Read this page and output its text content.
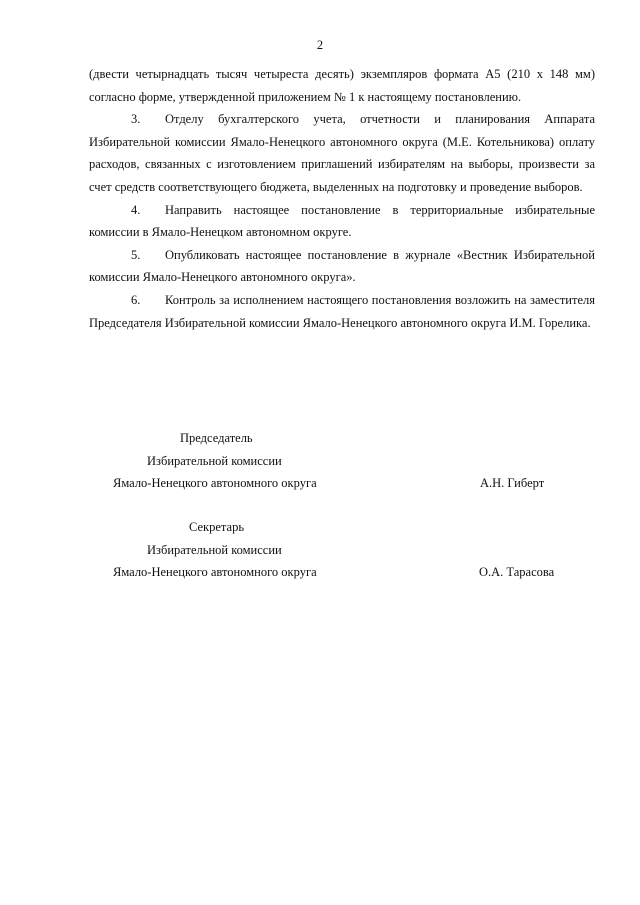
2

(двести четырнадцать тысяч четыреста десять) экземпляров формата А5 (210 х 148 мм) согласно форме, утвержденной приложением № 1 к настоящему постановлению.

3. Отделу бухгалтерского учета, отчетности и планирования Аппарата Избирательной комиссии Ямало-Ненецкого автономного округа (М.Е. Котельникова) оплату расходов, связанных с изготовлением приглашений избирателям на выборы, произвести за счет средств соответствующего бюджета, выделенных на подготовку и проведение выборов.

4. Направить настоящее постановление в территориальные избирательные комиссии в Ямало-Ненецком автономном округе.

5. Опубликовать настоящее постановление в журнале «Вестник Избирательной комиссии Ямало-Ненецкого автономного округа».

6. Контроль за исполнением настоящего постановления возложить на заместителя Председателя Избирательной комиссии Ямало-Ненецкого автономного округа И.М. Горелика.

Председатель
Избирательной комиссии
Ямало-Ненецкого автономного округа	А.Н. Гиберт
Секретарь
Избирательной комиссии
Ямало-Ненецкого автономного округа	О.А. Тарасова
